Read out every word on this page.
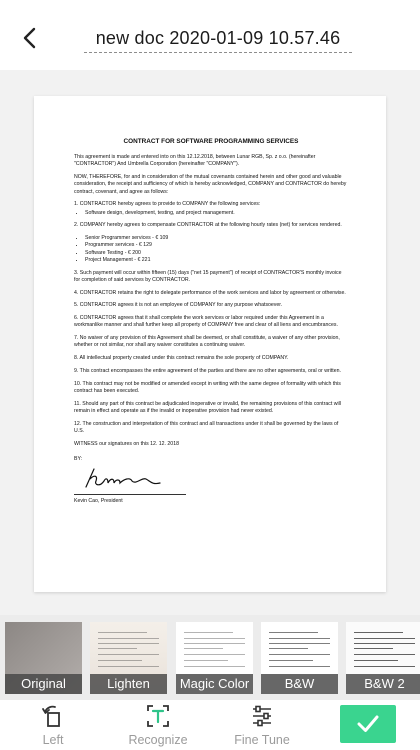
new doc 2020-01-09 10.57.46
CONTRACT FOR SOFTWARE PROGRAMMING SERVICES

This agreement is made and entered into on this 12.12.2018, between Lunar RGB, Sp. z o.o. (hereinafter "CONTRACTOR") And Umbrella Corporation (hereinafter "COMPANY").

NOW, THEREFORE, for and in consideration of the mutual covenants contained herein and other good and valuable consideration, the receipt and sufficiency of which is hereby acknowledged, COMPANY and CONTRACTOR do hereby contract, covenant, and agree as follows:

1. CONTRACTOR hereby agrees to provide to COMPANY the following services:

• Software design, development, testing, and project management.

2. COMPANY hereby agrees to compensate CONTRACTOR at the following hourly rates (net) for services rendered.

• Senior Programmer services - € 109
• Programmer services - € 129
• Software Testing - € 200
• Project Management - € 221

3. Such payment will occur within fifteen (15) days ("net 15 payment") of receipt of CONTRACTOR'S monthly invoice for completion of said services by CONTRACTOR.

4. CONTRACTOR retains the right to delegate performance of the work services and labor by agreement or otherwise.

5. CONTRACTOR agrees it is not an employee of COMPANY for any purpose whatsoever.

6. CONTRACTOR agrees that it shall complete the work services or labor required under this Agreement in a workmanlike manner and shall further keep all property of COMPANY free and clear of all liens and encumbrances.

7. No waiver of any provision of this Agreement shall be deemed, or shall constitute, a waiver of any other provision, whether or not similar, nor shall any waiver constitutes a continuing waiver.

8. All intellectual property created under this contract remains the sole property of COMPANY.

9. This contract encompasses the entire agreement of the parties and there are no other agreements, oral or written.

10. This contract may not be modified or amended except in writing with the same degree of formality with which this contract has been executed.

11. Should any part of this contract be adjudicated inoperative or invalid, the remaining provisions of this contract will remain in effect and operate as if the invalid or inoperative provision had never existed.

12. The construction and interpretation of this contract and all transactions under it shall be governed by the laws of U.S.

WITNESS our signatures on this 12. 12. 2018

BY:
Kevin Cao, President
Original	Lighten	Magic Color	B&W	B&W 2
Left	Recognize	Fine Tune
